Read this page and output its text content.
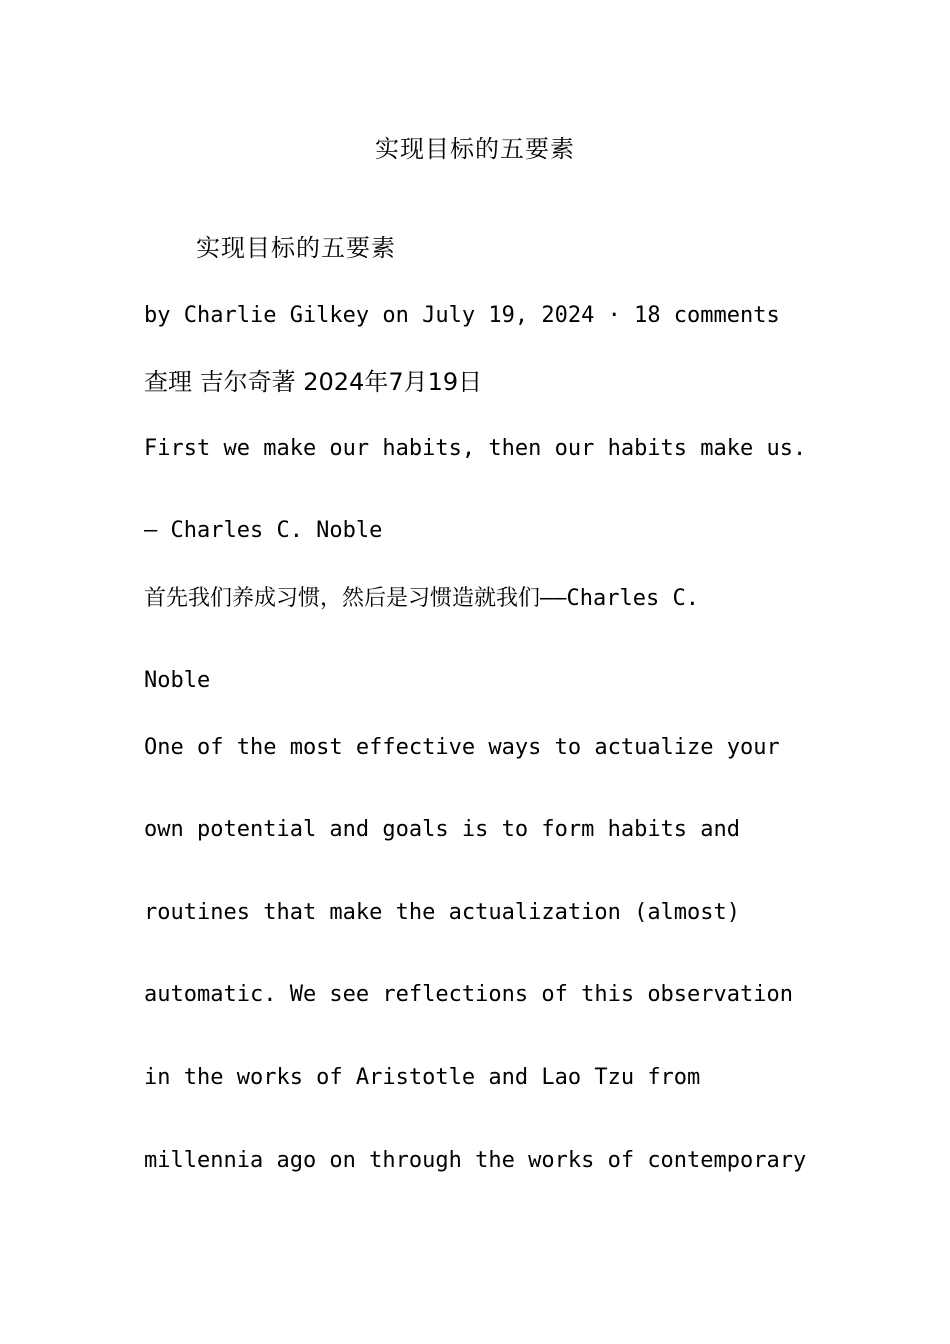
实现目标的五要素
实现目标的五要素
by Charlie Gilkey on July 19, 2024 · 18 comments
查理 吉尔奇著 2024年7月19日
First we make our habits, then our habits make us.
– Charles C. Noble
首先我们养成习惯，然后是习惯造就我们——Charles C.
Noble
One of the most effective ways to actualize your
own potential and goals is to form habits and
routines that make the actualization (almost)
automatic. We see reflections of this observation
in the works of Aristotle and Lao Tzu from
millennia ago on through the works of contemporary
